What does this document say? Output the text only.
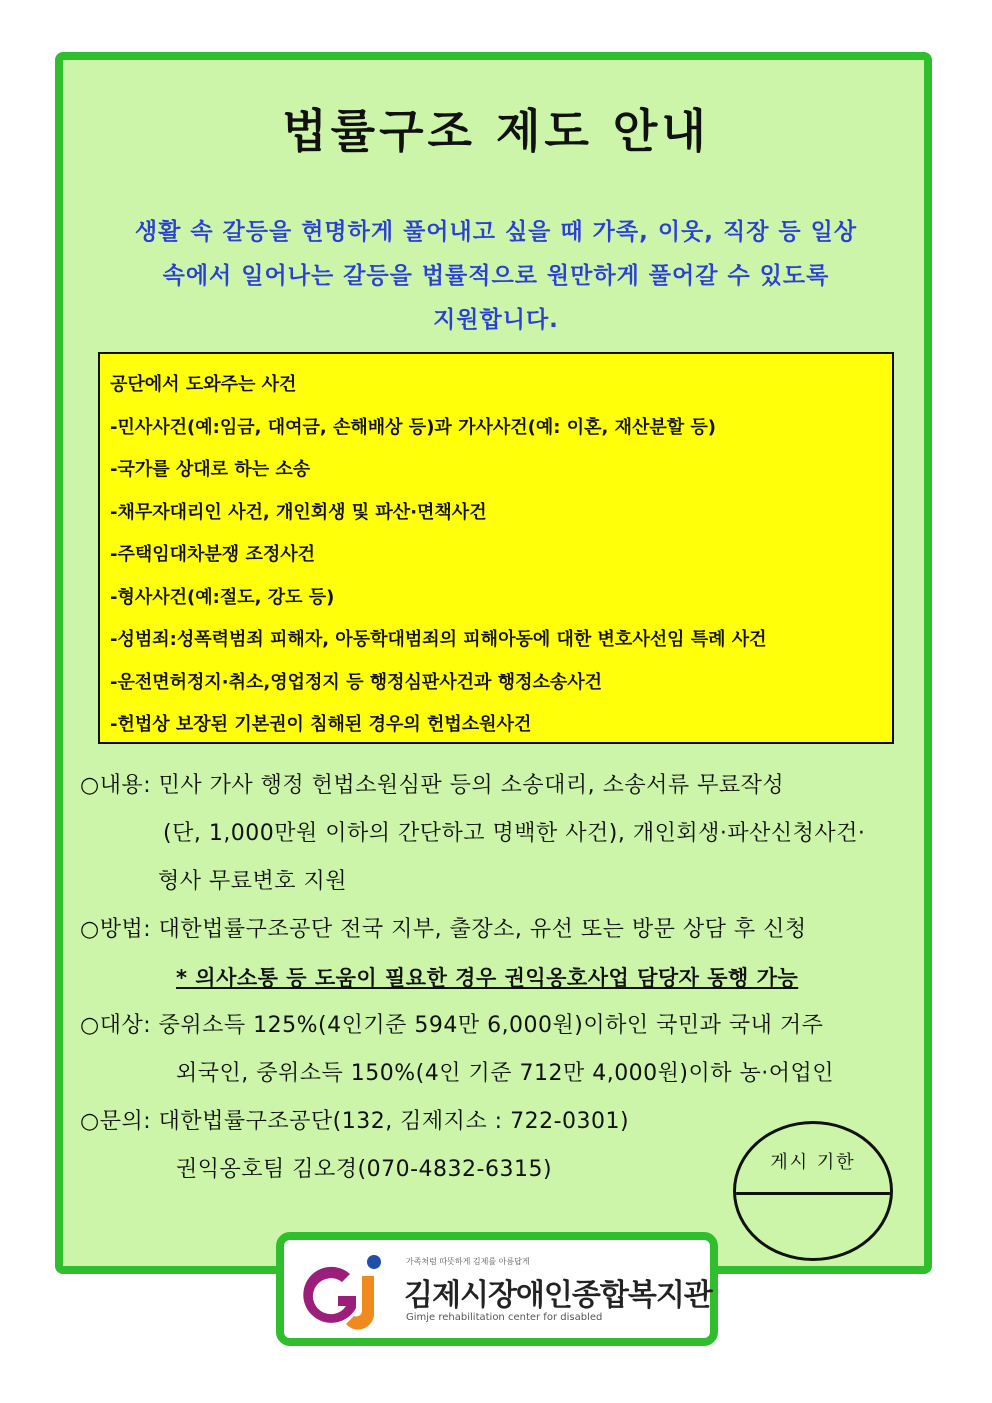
법률구조 제도 안내
생활 속 갈등을 현명하게 풀어내고 싶을 때 가족, 이웃, 직장 등 일상
속에서 일어나는 갈등을 법률적으로 원만하게 풀어갈 수 있도록
지원합니다.
공단에서 도와주는 사건
-민사사건(예:임금, 대여금, 손해배상 등)과 가사사건(예: 이혼, 재산분할 등)
-국가를 상대로 하는 소송
-채무자대리인 사건, 개인회생 및 파산·면책사건
-주택임대차분쟁 조정사건
-형사사건(예:절도, 강도 등)
-성범죄:성폭력범죄 피해자, 아동학대범죄의 피해아동에 대한 변호사선임 특례 사건
-운전면허정지·취소,영업정지 등 행정심판사건과 행정소송사건
-헌법상 보장된 기본권이 침해된 경우의 헌법소원사건
○내용: 민사 가사 행정 헌법소원심판 등의 소송대리, 소송서류 무료작성
(단, 1,000만원 이하의 간단하고 명백한 사건), 개인회생·파산신청사건·
형사 무료변호 지원
○방법: 대한법률구조공단 전국 지부, 출장소, 유선 또는 방문 상담 후 신청
* 의사소통 등 도움이 필요한 경우 권익옹호사업 담당자 동행 가능
○대상: 중위소득 125%(4인기준 594만 6,000원)이하인 국민과 국내 거주
외국인, 중위소득 150%(4인 기준 712만 4,000원)이하 농·어업인
○문의: 대한법률구조공단(132, 김제지소 : 722-0301)
권익옹호팀 김오경(070-4832-6315)	게시 기한
가족처럼 따뜻하게 김제를 아름답게
김제시장애인종합복지관
Gimje rehabilitation center for disabled
